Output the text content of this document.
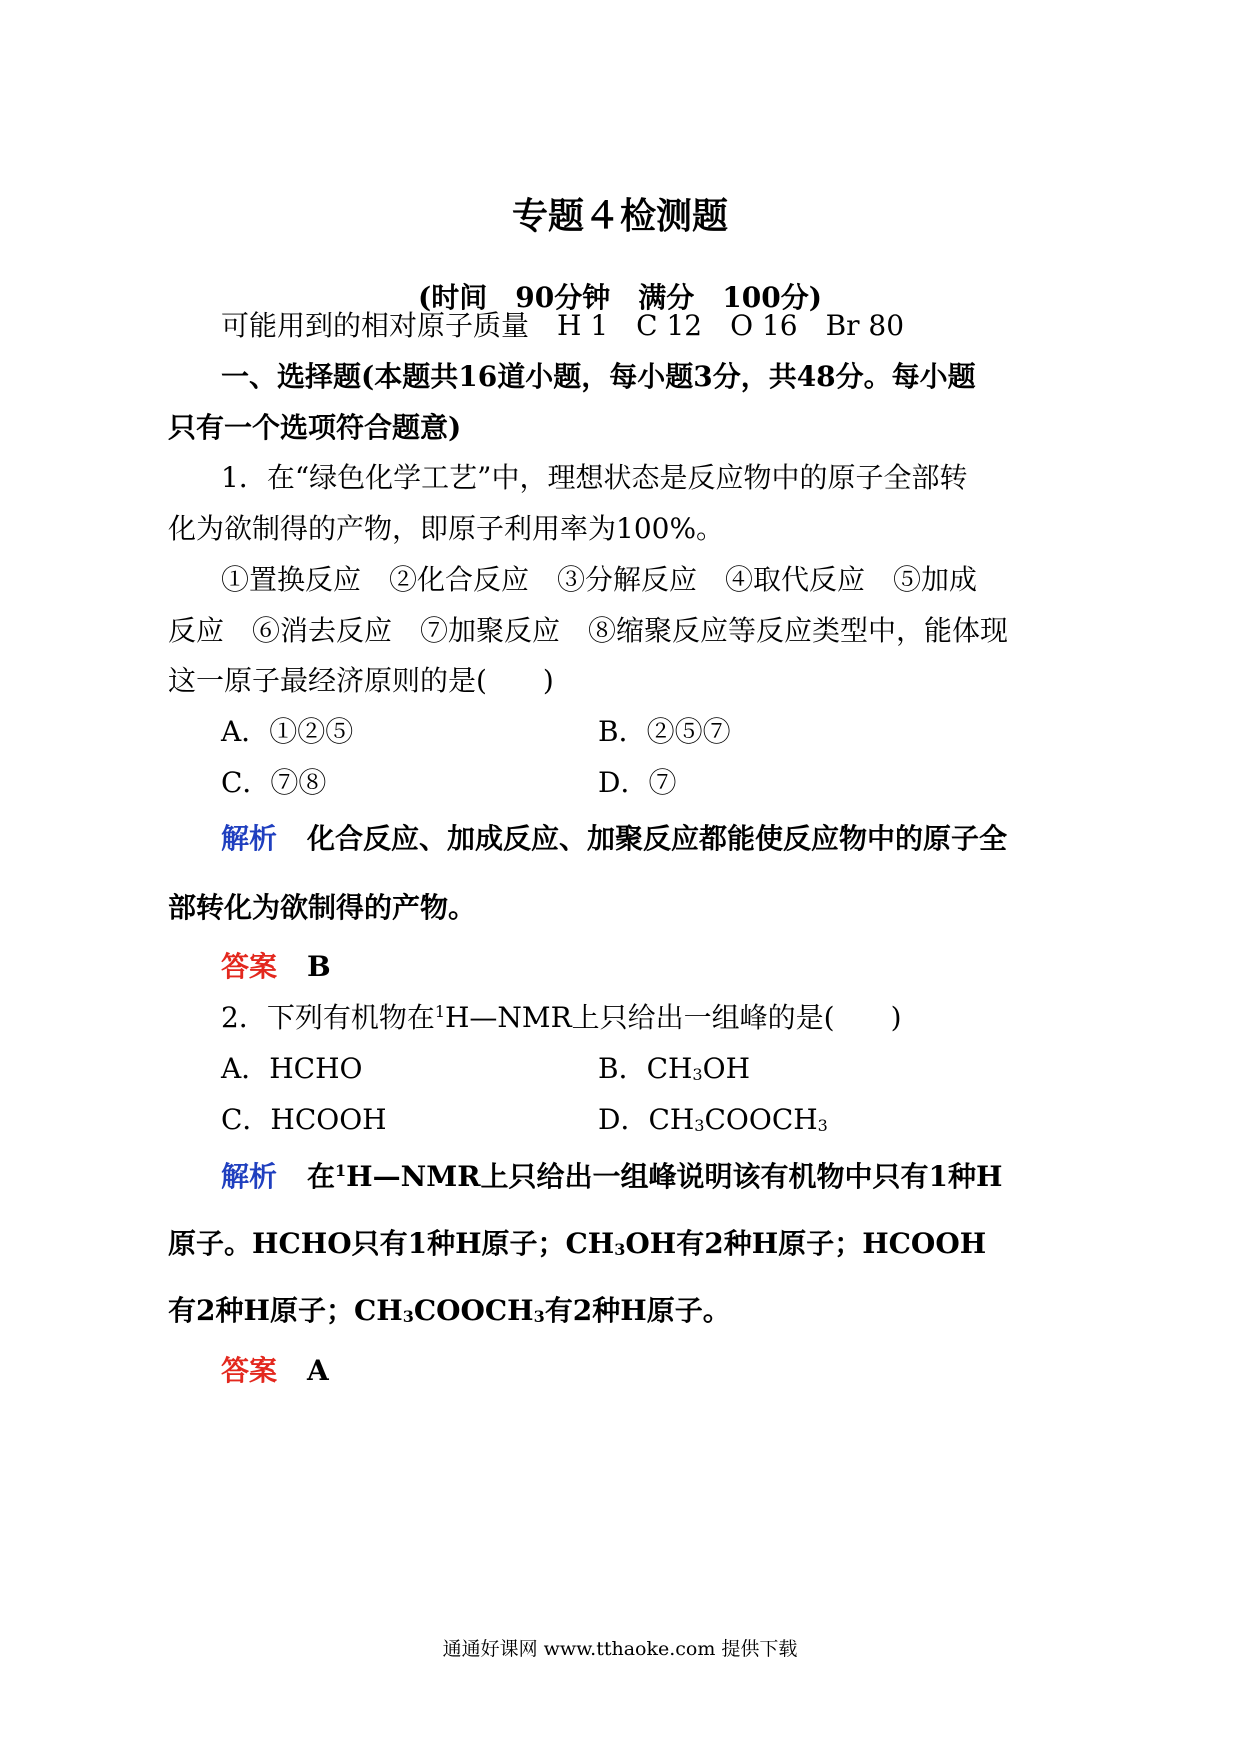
专题４检测题
(时间　90分钟　满分　100分)
可能用到的相对原子质量　H 1　C 12　O 16　Br 80
一、选择题(本题共16道小题，每小题3分，共48分。每小题
只有一个选项符合题意)
1．在“绿色化学工艺”中，理想状态是反应物中的原子全部转
化为欲制得的产物，即原子利用率为100%。
①置换反应　②化合反应　③分解反应　④取代反应　⑤加成
反应　⑥消去反应　⑦加聚反应　⑧缩聚反应等反应类型中，能体现
这一原子最经济原则的是(　　)
A．①②⑤	B．②⑤⑦
C．⑦⑧	D．⑦
解析 化合反应、加成反应、加聚反应都能使反应物中的原子全
部转化为欲制得的产物。
答案 B
2．下列有机物在$^1$H—NMR上只给出一组峰的是(　　)
A．HCHO	B．$CH_3OH$
C．HCOOH	D．$CH_3COOCH_3$
解析 在$^1$H—NMR上只给出一组峰说明该有机物中只有1种H
原子。HCHO只有1种H原子；$CH_3OH$有2种H原子；HCOOH
有2种H原子；$CH_3COOCH_3$有2种H原子。
答案 A
通通好课网 www.tthaoke.com 提供下载
